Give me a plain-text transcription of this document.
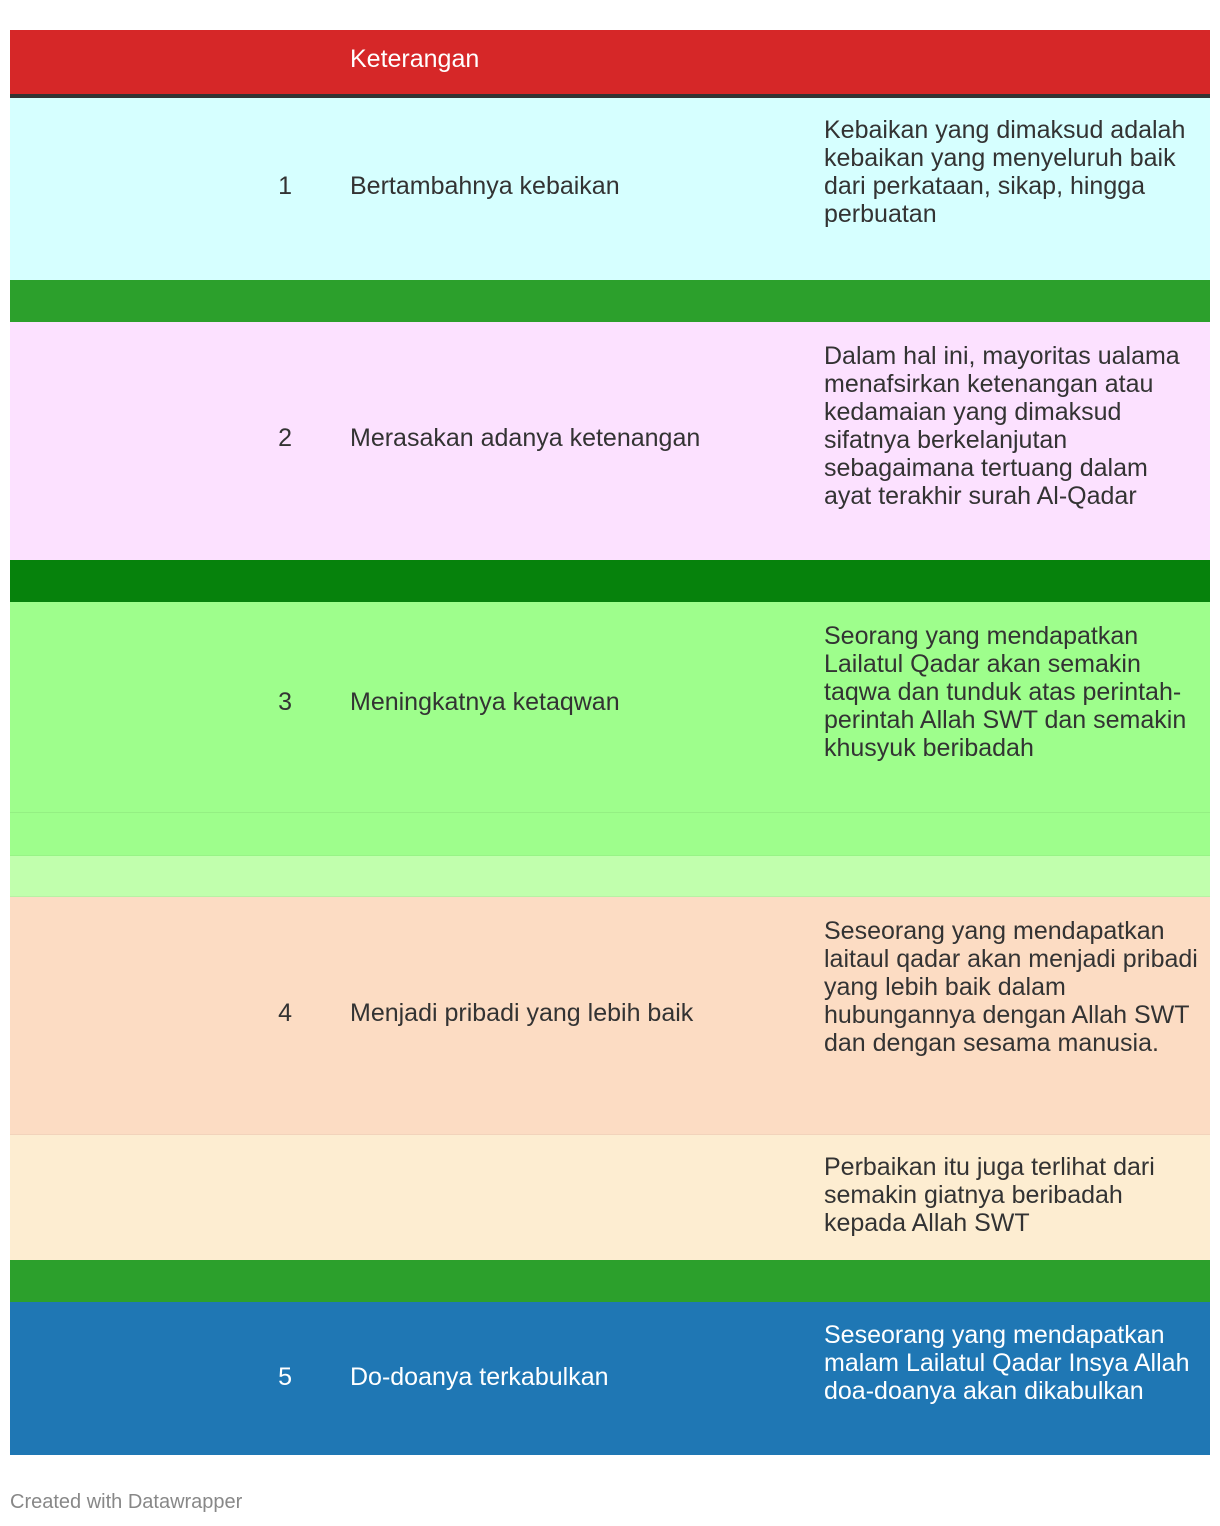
Keterangan
1 Bertambahnya kebaikan
Kebaikan yang dimaksud adalah kebaikan yang menyeluruh baik dari perkataan, sikap, hingga perbuatan
2 Merasakan adanya ketenangan
Dalam hal ini, mayoritas ualama menafsirkan ketenangan atau kedamaian yang dimaksud sifatnya berkelanjutan sebagaimana tertuang dalam ayat terakhir surah Al-Qadar
3 Meningkatnya ketaqwan
Seorang yang mendapatkan Lailatul Qadar akan semakin taqwa dan tunduk atas perintah-perintah Allah SWT dan semakin khusyuk beribadah
4 Menjadi pribadi yang lebih baik
Seseorang yang mendapatkan laitaul qadar akan menjadi pribadi yang lebih baik dalam hubungannya dengan Allah SWT dan dengan sesama manusia.
Perbaikan itu juga terlihat dari semakin giatnya beribadah kepada Allah SWT
5 Do-doanya terkabulkan
Seseorang yang mendapatkan malam Lailatul Qadar Insya Allah doa-doanya akan dikabulkan
Created with Datawrapper
